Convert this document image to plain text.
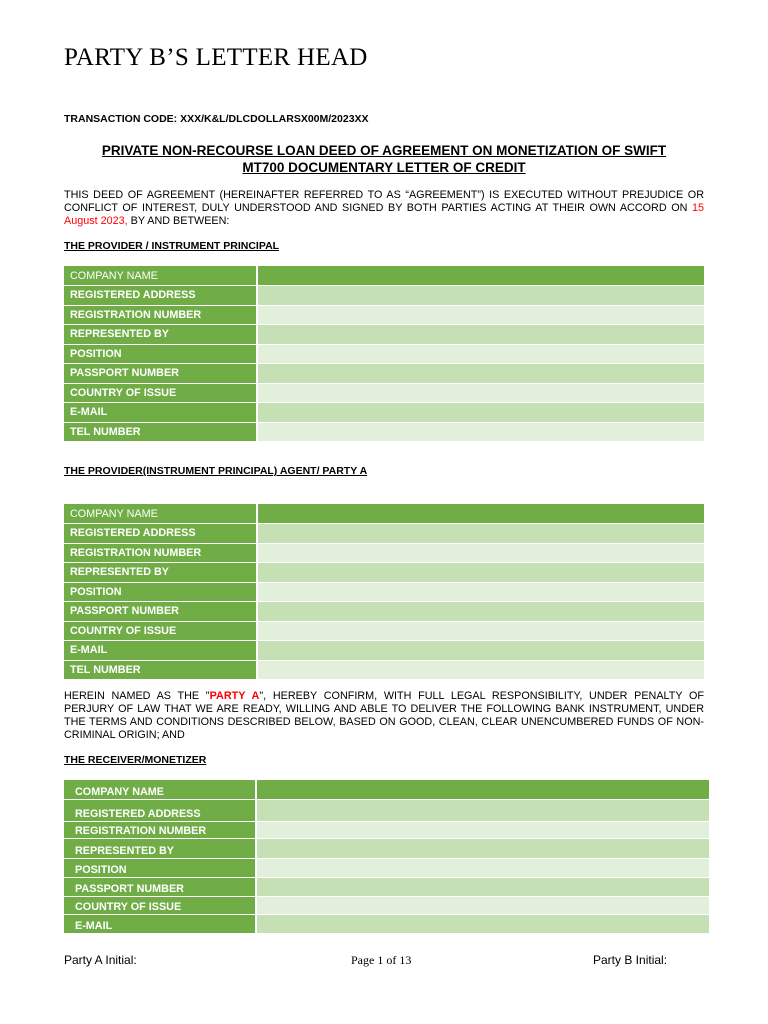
PARTY B’S LETTER HEAD
TRANSACTION CODE: XXX/K&L/DLCDOLLARSX00M/2023XX
PRIVATE NON-RECOURSE LOAN DEED OF AGREEMENT ON MONETIZATION OF SWIFT
MT700 DOCUMENTARY LETTER OF CREDIT
THIS DEED OF AGREEMENT (HEREINAFTER REFERRED TO AS “AGREEMENT”) IS EXECUTED WITHOUT PREJUDICE OR CONFLICT OF INTEREST, DULY UNDERSTOOD AND SIGNED BY BOTH PARTIES ACTING AT THEIR OWN ACCORD ON 15 August 2023, BY AND BETWEEN:
THE PROVIDER / INSTRUMENT PRINCIPAL
COMPANY NAME	
REGISTERED ADDRESS	
REGISTRATION NUMBER	
REPRESENTED BY	
POSITION	
PASSPORT NUMBER	
COUNTRY OF ISSUE	
E-MAIL	
TEL NUMBER	
THE PROVIDER(INSTRUMENT PRINCIPAL) AGENT/ PARTY A
COMPANY NAME	
REGISTERED ADDRESS	
REGISTRATION NUMBER	
REPRESENTED BY	
POSITION	
PASSPORT NUMBER	
COUNTRY OF ISSUE	
E-MAIL	
TEL NUMBER	
HEREIN NAMED AS THE "PARTY A", HEREBY CONFIRM, WITH FULL LEGAL RESPONSIBILITY, UNDER PENALTY OF PERJURY OF LAW THAT WE ARE READY, WILLING AND ABLE TO DELIVER THE FOLLOWING BANK INSTRUMENT, UNDER THE TERMS AND CONDITIONS DESCRIBED BELOW, BASED ON GOOD, CLEAN, CLEAR UNENCUMBERED FUNDS OF NON-CRIMINAL ORIGIN; AND
THE RECEIVER/MONETIZER
COMPANY NAME	
REGISTERED ADDRESS	
REGISTRATION NUMBER	
REPRESENTED BY	
POSITION	
PASSPORT NUMBER	
COUNTRY OF ISSUE	
E-MAIL	
Party A Initial:	Page 1 of 13	Party B Initial:
